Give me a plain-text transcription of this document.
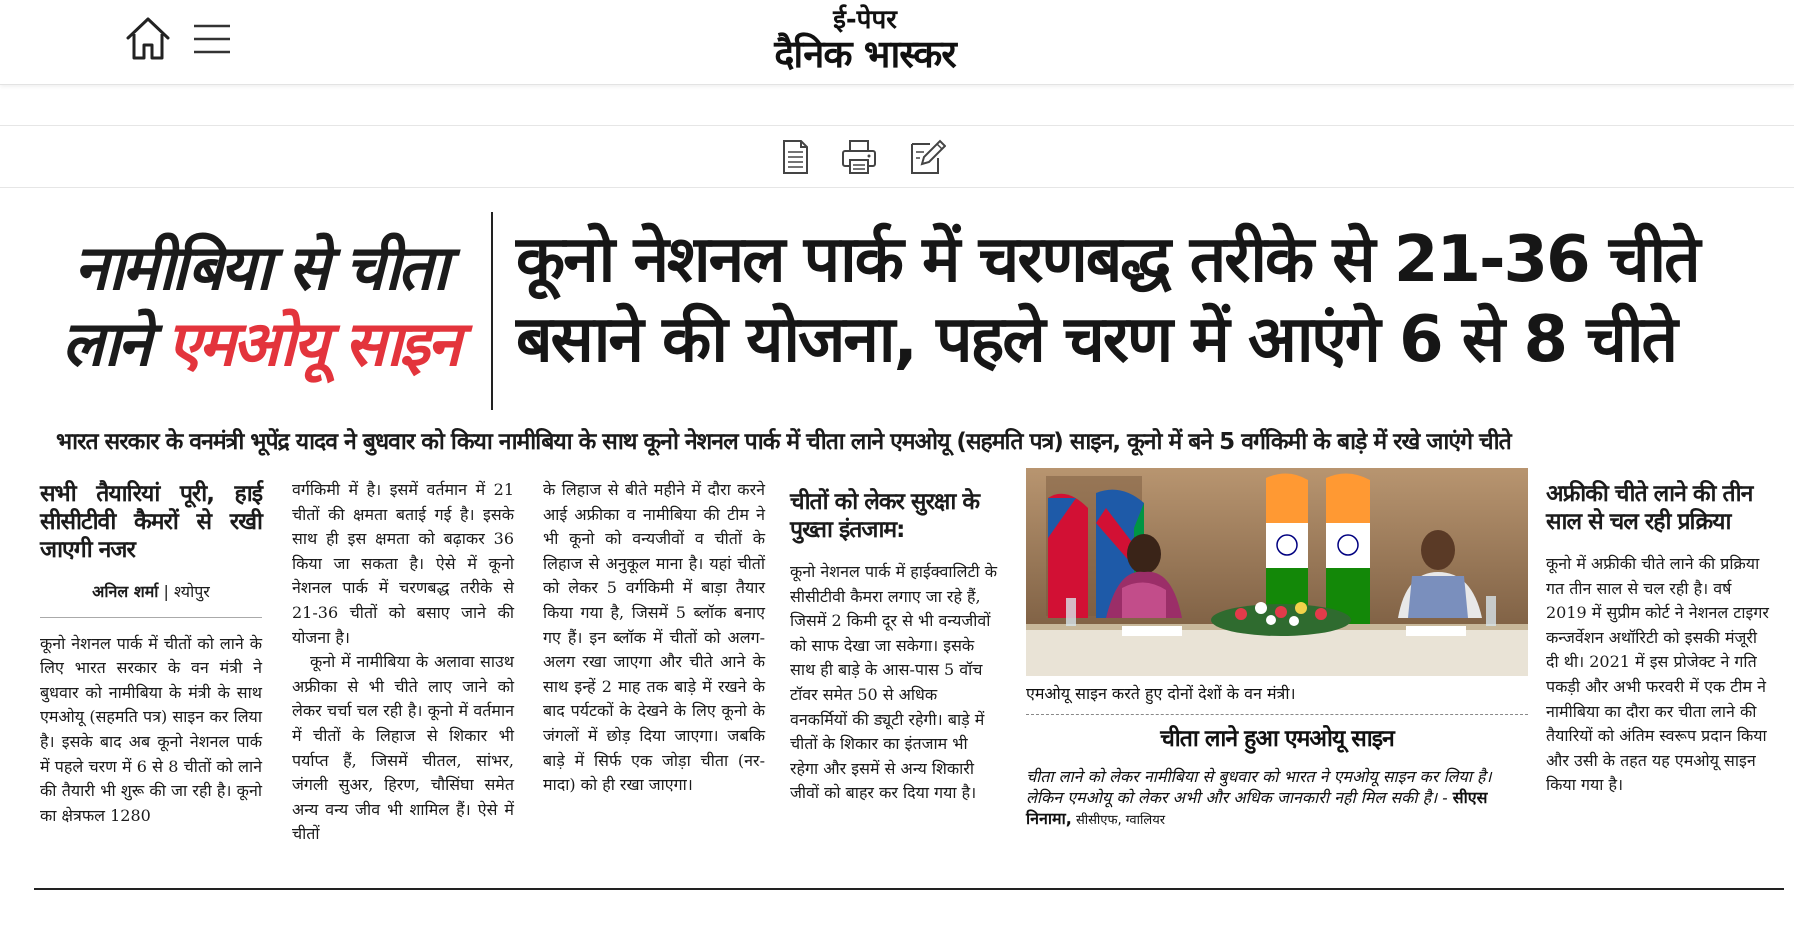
ई-पेपर
दैनिक भास्कर
नामीबिया से चीता
लाने एमओयू साइन
कूनो नेशनल पार्क में चरणबद्ध तरीके से 21-36 चीते बसाने की योजना, पहले चरण में आएंगे 6 से 8 चीते
भारत सरकार के वनमंत्री भूपेंद्र यादव ने बुधवार को किया नामीबिया के साथ कूनो नेशनल पार्क में चीता लाने एमओयू (सहमति पत्र) साइन, कूनो में बने 5 वर्गकिमी के बाड़े में रखे जाएंगे चीते
सभी तैयारियां पूरी, हाई सीसीटीवी कैमरों से रखी जाएगी नजर
अनिल शर्मा | श्योपुर

कूनो नेशनल पार्क में चीतों को लाने के लिए भारत सरकार के वन मंत्री ने बुधवार को नामीबिया के मंत्री के साथ एमओयू (सहमति पत्र) साइन कर लिया है। इसके बाद अब कूनो नेशनल पार्क में पहले चरण में 6 से 8 चीतों को लाने की तैयारी भी शुरू की जा रही है। कूनो का क्षेत्रफल 1280

वर्गकिमी में है। इसमें वर्तमान में 21 चीतों की क्षमता बताई गई है। इसके साथ ही इस क्षमता को बढ़ाकर 36 किया जा सकता है। ऐसे में कूनो नेशनल पार्क में चरणबद्ध तरीके से 21-36 चीतों को बसाए जाने की योजना है।

कूनो में नामीबिया के अलावा साउथ अफ्रीका से भी चीते लाए जाने को लेकर चर्चा चल रही है। कूनो में वर्तमान में चीतों के लिहाज से शिकार भी पर्याप्त हैं, जिसमें चीतल, सांभर, जंगली सुअर, हिरण, चौसिंघा समेत अन्य वन्य जीव भी शामिल हैं। ऐसे में चीतों

के लिहाज से बीते महीने में दौरा करने आई अफ्रीका व नामीबिया की टीम ने भी कूनो को वन्यजीवों व चीतों के लिहाज से अनुकूल माना है। यहां चीतों को लेकर 5 वर्गकिमी में बाड़ा तैयार किया गया है, जिसमें 5 ब्लॉक बनाए गए हैं। इन ब्लॉक में चीतों को अलग-अलग रखा जाएगा और चीते आने के साथ इन्हें 2 माह तक बाड़े में रखने के बाद पर्यटकों के देखने के लिए कूनो के जंगलों में छोड़ दिया जाएगा। जबकि बाड़े में सिर्फ एक जोड़ा चीता (नर-मादा) को ही रखा जाएगा।

चीतों को लेकर सुरक्षा के पुख्ता इंतजाम:

कूनो नेशनल पार्क में हाईक्वालिटी के सीसीटीवी कैमरा लगाए जा रहे हैं, जिसमें 2 किमी दूर से भी वन्यजीवों को साफ देखा जा सकेगा। इसके साथ ही बाड़े के आस-पास 5 वॉच टॉवर समेत 50 से अधिक वनकर्मियों की ड्यूटी रहेगी। बाड़े में चीतों के शिकार का इंतजाम भी रहेगा और इसमें से अन्य शिकारी जीवों को बाहर कर दिया गया है।

एमओयू साइन करते हुए दोनों देशों के वन मंत्री।
चीता लाने हुआ एमओयू साइन
चीता लाने को लेकर नामीबिया से बुधवार को भारत ने एमओयू साइन कर लिया है। लेकिन एमओयू को लेकर अभी और अधिक जानकारी नही मिल सकी है। - सीएस निनामा, सीसीएफ, ग्वालियर
अफ्रीकी चीते लाने की तीन साल से चल रही प्रक्रिया

कूनो में अफ्रीकी चीते लाने की प्रक्रिया गत तीन साल से चल रही है। वर्ष 2019 में सुप्रीम कोर्ट ने नेशनल टाइगर कन्जर्वेशन अथॉरिटी को इसकी मंजूरी दी थी। 2021 में इस प्रोजेक्ट ने गति पकड़ी और अभी फरवरी में एक टीम ने नामीबिया का दौरा कर चीता लाने की तैयारियों को अंतिम स्वरूप प्रदान किया और उसी के तहत यह एमओयू साइन किया गया है।
